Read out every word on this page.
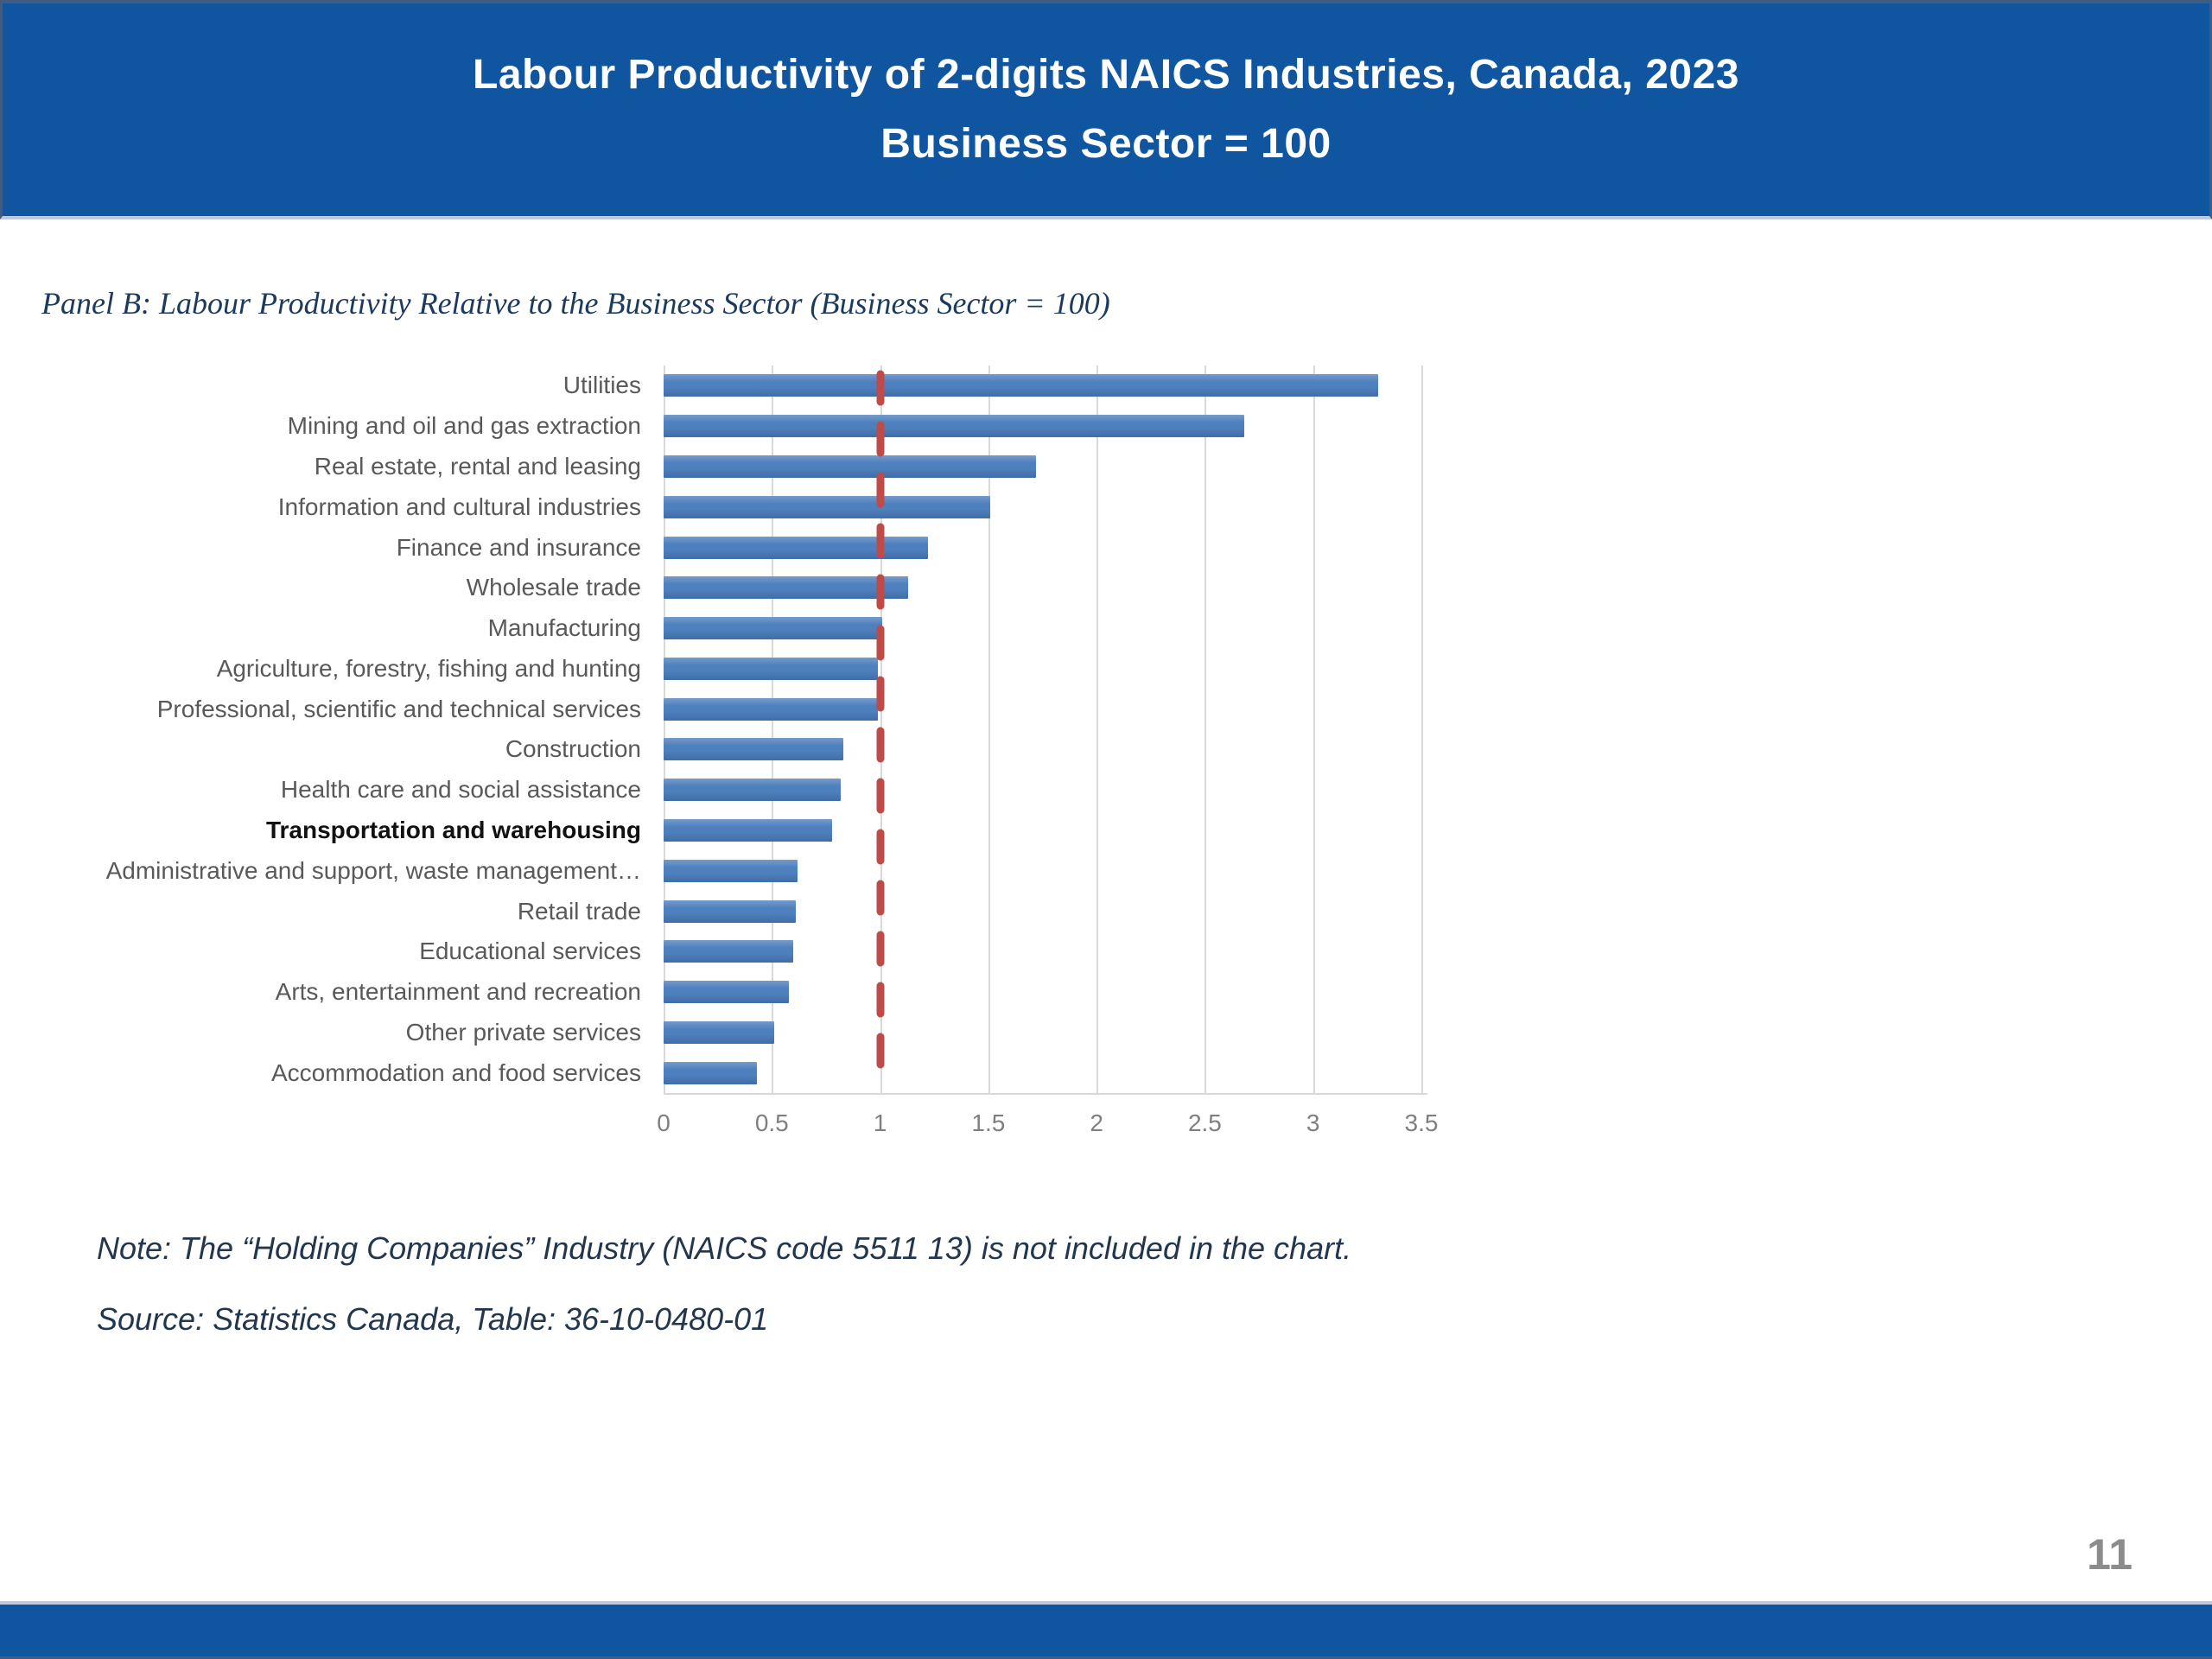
Labour Productivity of 2-digits NAICS Industries, Canada, 2023
Business Sector = 100
Panel B: Labour Productivity Relative to the Business Sector (Business Sector = 100)
Utilities
Mining and oil and gas extraction
Real estate, rental and leasing
Information and cultural industries
Finance and insurance
Wholesale trade
Manufacturing
Agriculture, forestry, fishing and hunting
Professional, scientific and technical services
Construction
Health care and social assistance
Transportation and warehousing
Administrative and support, waste management…
Retail trade
Educational services
Arts, entertainment and recreation
Other private services
Accommodation and food services
0	0.5	1	1.5	2	2.5	3	3.5
Note: The “Holding Companies” Industry (NAICS code 5511 13) is not included in the chart.
Source: Statistics Canada, Table: 36-10-0480-01
11
